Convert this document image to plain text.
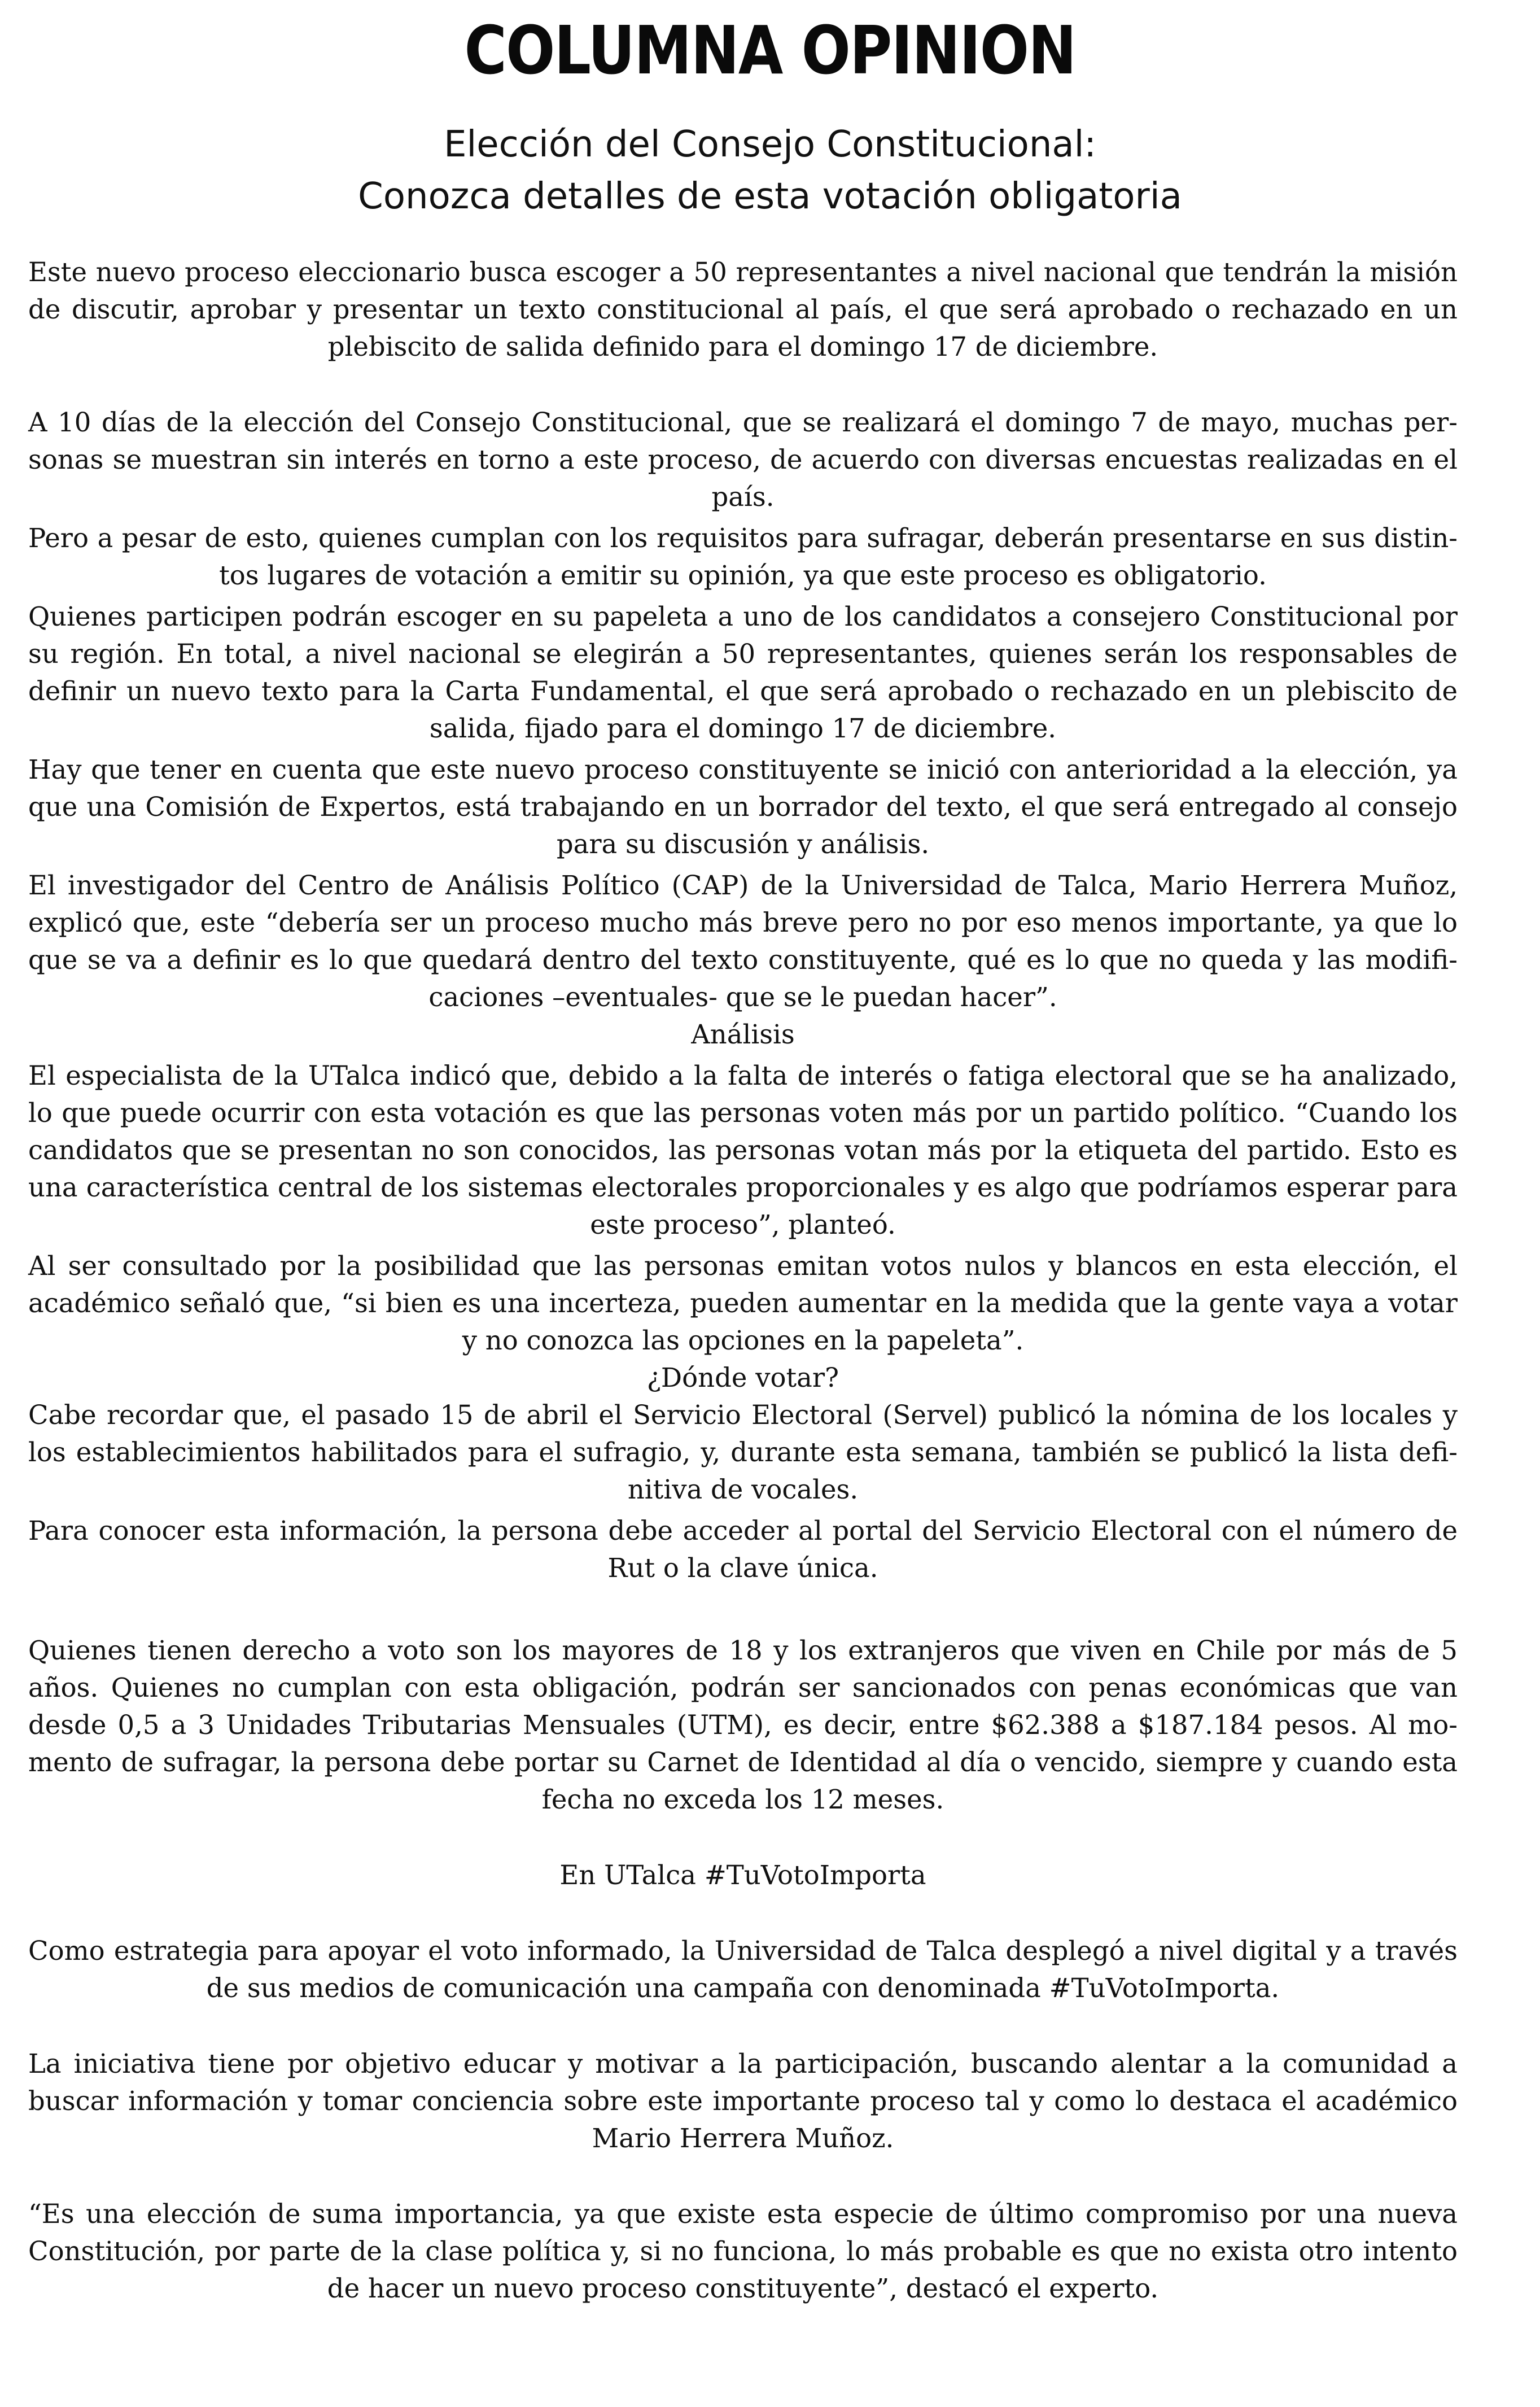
COLUMNA OPINION
Elección del Consejo Constitucional:
Conozca detalles de esta votación obligatoria

Este nuevo proceso eleccionario busca escoger a 50 representantes a nivel nacional que tendrán la misión de discutir, aprobar y presentar un texto constitucional al país, el que será aprobado o rechazado en un plebiscito de salida definido para el domingo 17 de diciembre.

A 10 días de la elección del Consejo Constitucional, que se realizará el domingo 7 de mayo, muchas personas se muestran sin interés en torno a este proceso, de acuerdo con diversas encuestas realizadas en el país.

Pero a pesar de esto, quienes cumplan con los requisitos para sufragar, deberán presentarse en sus distintos lugares de votación a emitir su opinión, ya que este proceso es obligatorio.

Quienes participen podrán escoger en su papeleta a uno de los candidatos a consejero Constitucional por su región. En total, a nivel nacional se elegirán a 50 representantes, quienes serán los responsables de definir un nuevo texto para la Carta Fundamental, el que será aprobado o rechazado en un plebiscito de salida, fijado para el domingo 17 de diciembre.

Hay que tener en cuenta que este nuevo proceso constituyente se inició con anterioridad a la elección, ya que una Comisión de Expertos, está trabajando en un borrador del texto, el que será entregado al consejo para su discusión y análisis.

El investigador del Centro de Análisis Político (CAP) de la Universidad de Talca, Mario Herrera Muñoz, explicó que, este “debería ser un proceso mucho más breve pero no por eso menos importante, ya que lo que se va a definir es lo que quedará dentro del texto constituyente, qué es lo que no queda y las modificaciones –eventuales- que se le puedan hacer”.

Análisis

El especialista de la UTalca indicó que, debido a la falta de interés o fatiga electoral que se ha analizado, lo que puede ocurrir con esta votación es que las personas voten más por un partido político. “Cuando los candidatos que se presentan no son conocidos, las personas votan más por la etiqueta del partido. Esto es una característica central de los sistemas electorales proporcionales y es algo que podríamos esperar para este proceso”, planteó.

Al ser consultado por la posibilidad que las personas emitan votos nulos y blancos en esta elección, el académico señaló que, “si bien es una incerteza, pueden aumentar en la medida que la gente vaya a votar y no conozca las opciones en la papeleta”.

¿Dónde votar?

Cabe recordar que, el pasado 15 de abril el Servicio Electoral (Servel) publicó la nómina de los locales y los establecimientos habilitados para el sufragio, y, durante esta semana, también se publicó la lista definitiva de vocales.

Para conocer esta información, la persona debe acceder al portal del Servicio Electoral con el número de Rut o la clave única.

Quienes tienen derecho a voto son los mayores de 18 y los extranjeros que viven en Chile por más de 5 años. Quienes no cumplan con esta obligación, podrán ser sancionados con penas económicas que van desde 0,5 a 3 Unidades Tributarias Mensuales (UTM), es decir, entre $62.388 a $187.184 pesos. Al momento de sufragar, la persona debe portar su Carnet de Identidad al día o vencido, siempre y cuando esta fecha no exceda los 12 meses.

En UTalca #TuVotoImporta

Como estrategia para apoyar el voto informado, la Universidad de Talca desplegó a nivel digital y a través de sus medios de comunicación una campaña con denominada #TuVotoImporta.

La iniciativa tiene por objetivo educar y motivar a la participación, buscando alentar a la comunidad a buscar información y tomar conciencia sobre este importante proceso tal y como lo destaca el académico Mario Herrera Muñoz.

“Es una elección de suma importancia, ya que existe esta especie de último compromiso por una nueva Constitución, por parte de la clase política y, si no funciona, lo más probable es que no exista otro intento de hacer un nuevo proceso constituyente”, destacó el experto.
